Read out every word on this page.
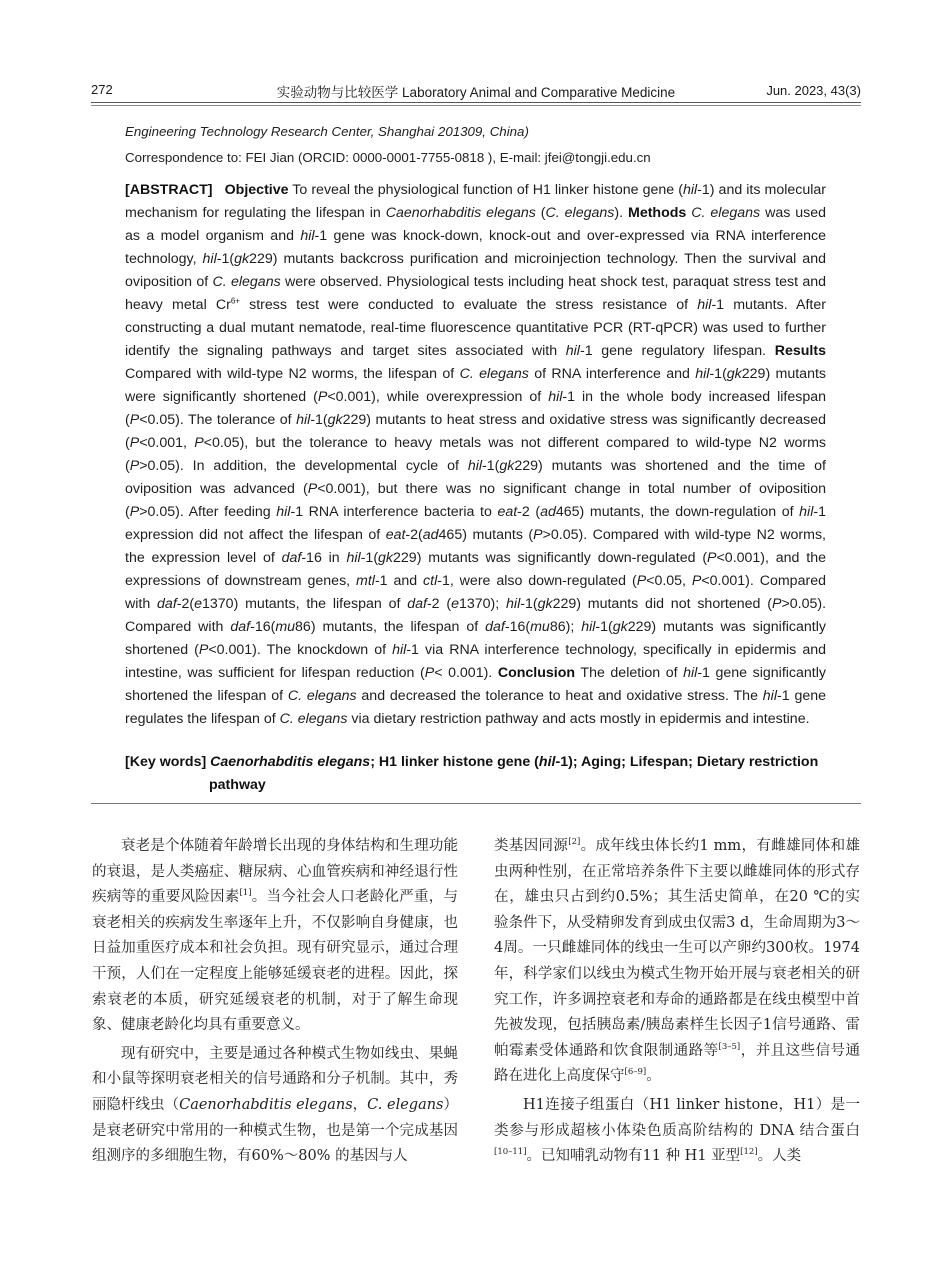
272	实验动物与比较医学 Laboratory Animal and Comparative Medicine	Jun. 2023, 43(3)
Engineering Technology Research Center, Shanghai 201309, China)
Correspondence to: FEI Jian (ORCID: 0000-0001-7755-0818 ), E-mail: jfei@tongji.edu.cn
[ABSTRACT] Objective To reveal the physiological function of H1 linker histone gene (hil-1) and its molecular mechanism for regulating the lifespan in Caenorhabditis elegans (C. elegans). Methods C. elegans was used as a model organism and hil-1 gene was knock-down, knock-out and over-expressed via RNA interference technology, hil-1(gk229) mutants backcross purification and microinjection technology. Then the survival and oviposition of C. elegans were observed. Physiological tests including heat shock test, paraquat stress test and heavy metal $Cr^{6+}$ stress test were conducted to evaluate the stress resistance of hil-1 mutants. After constructing a dual mutant nematode, real-time fluorescence quantitative PCR (RT-qPCR) was used to further identify the signaling pathways and target sites associated with hil-1 gene regulatory lifespan. Results   Compared with wild-type N2 worms, the lifespan of C. elegans of RNA interference and hil-1(gk229) mutants were significantly shortened (P<0.001), while overexpression of hil-1 in the whole body increased lifespan (P<0.05). The tolerance of hil-1(gk229) mutants to heat stress and oxidative stress was significantly decreased (P<0.001, P<0.05), but the tolerance to heavy metals was not different compared to wild-type N2 worms (P>0.05). In addition, the developmental cycle of hil-1(gk229) mutants was shortened and the time of oviposition was advanced (P<0.001), but there was no significant change in total number of oviposition (P>0.05). After feeding hil-1 RNA interference bacteria to eat-2 (ad465) mutants, the down-regulation of hil-1 expression did not affect the lifespan of eat-2(ad465) mutants (P>0.05). Compared with wild-type N2 worms, the expression level of daf-16 in hil-1(gk229) mutants was significantly down-regulated (P<0.001), and the expressions of downstream genes, mtl-1 and ctl-1, were also down-regulated (P<0.05, P<0.001). Compared with daf-2(e1370) mutants, the lifespan of daf-2 (e1370); hil-1(gk229) mutants did not shortened (P>0.05). Compared with daf-16(mu86) mutants, the lifespan of daf-16(mu86); hil-1(gk229) mutants was significantly shortened (P<0.001). The knockdown of hil-1 via RNA interference technology, specifically in epidermis and intestine, was sufficient for lifespan reduction (P< 0.001). Conclusion The deletion of hil-1 gene significantly shortened the lifespan of C. elegans and decreased the tolerance to heat and oxidative stress. The hil-1 gene regulates the lifespan of C. elegans via dietary restriction pathway and acts mostly in epidermis and intestine.
[Key words] Caenorhabditis elegans; H1 linker histone gene (hil-1); Aging; Lifespan; Dietary restriction
pathway

衰老是个体随着年龄增长出现的身体结构和生理功能的衰退，是人类癌症、糖尿病、心血管疾病和神经退行性疾病等的重要风险因素[1]。当今社会人口老龄化严重，与衰老相关的疾病发生率逐年上升，不仅影响自身健康，也日益加重医疗成本和社会负担。现有研究显示，通过合理干预，人们在一定程度上能够延缓衰老的进程。因此，探索衰老的本质，研究延缓衰老的机制，对于了解生命现象、健康老龄化均具有重要意义。

现有研究中，主要是通过各种模式生物如线虫、果蝇和小鼠等探明衰老相关的信号通路和分子机制。其中，秀丽隐杆线虫（Caenorhabditis elegans，C. elegans）是衰老研究中常用的一种模式生物，也是第一个完成基因组测序的多细胞生物，有60%～80% 的基因与人

类基因同源[2]。成年线虫体长约1 mm，有雌雄同体和雄虫两种性别，在正常培养条件下主要以雌雄同体的形式存在，雄虫只占到约0.5%；其生活史简单，在20 ℃的实验条件下，从受精卵发育到成虫仅需3 d，生命周期为3～4周。一只雌雄同体的线虫一生可以产卵约300枚。1974年，科学家们以线虫为模式生物开始开展与衰老相关的研究工作，许多调控衰老和寿命的通路都是在线虫模型中首先被发现，包括胰岛素/胰岛素样生长因子1信号通路、雷帕霉素受体通路和饮食限制通路等[3–5]，并且这些信号通路在进化上高度保守[6–9]。

H1连接子组蛋白（H1 linker histone，H1）是一类参与形成超核小体染色质高阶结构的 DNA 结合蛋白[10–11]。已知哺乳动物有11 种 H1 亚型[12]。人类
